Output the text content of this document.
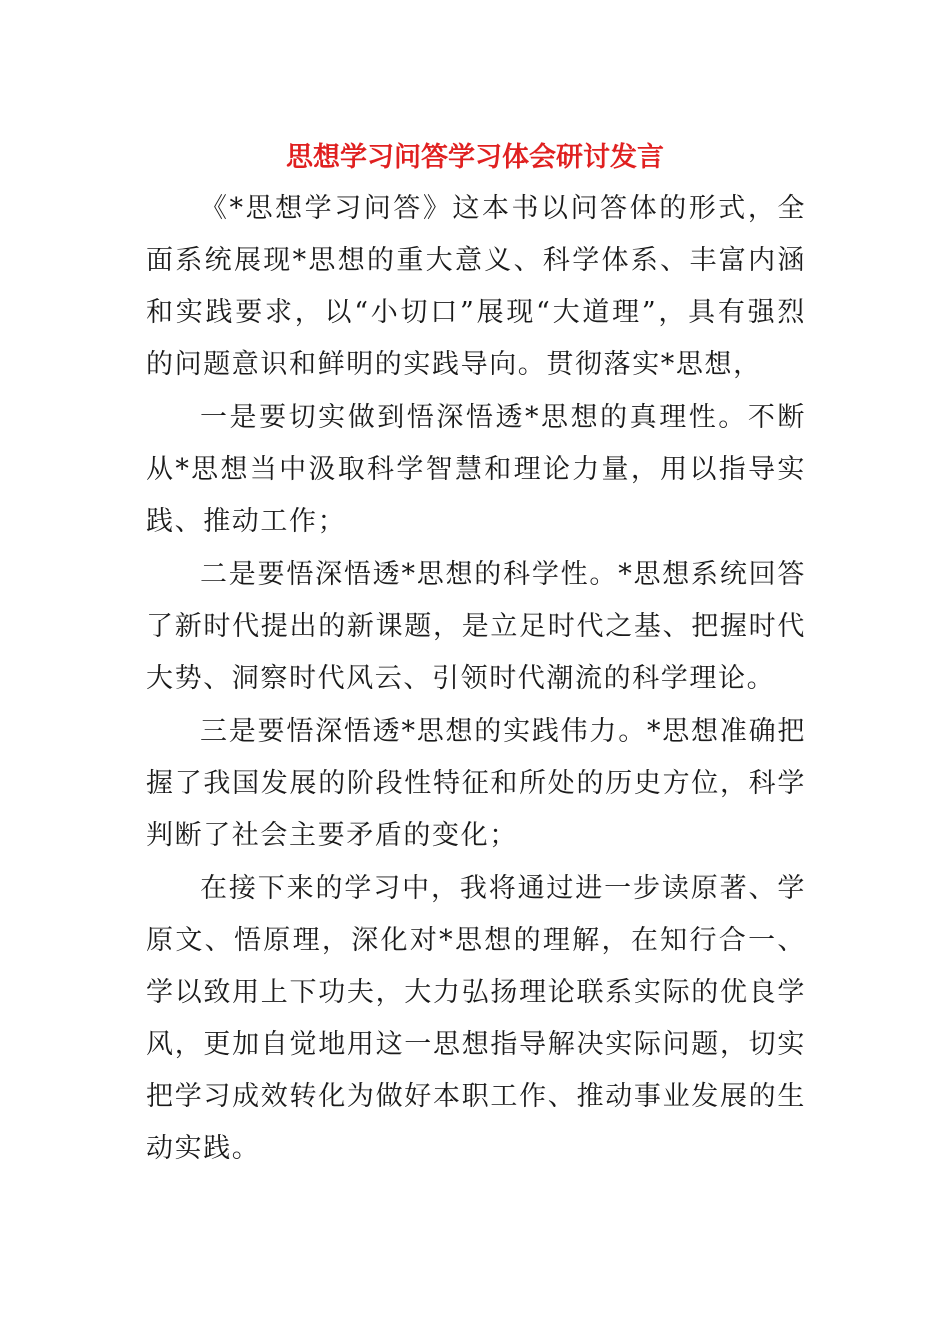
思想学习问答学习体会研讨发言

《*思想学习问答》这本书以问答体的形式，全面系统展现*思想的重大意义、科学体系、丰富内涵和实践要求，以“小切口”展现“大道理”，具有强烈的问题意识和鲜明的实践导向。贯彻落实*思想，

一是要切实做到悟深悟透*思想的真理性。不断从*思想当中汲取科学智慧和理论力量，用以指导实践、推动工作；

二是要悟深悟透*思想的科学性。*思想系统回答了新时代提出的新课题，是立足时代之基、把握时代大势、洞察时代风云、引领时代潮流的科学理论。

三是要悟深悟透*思想的实践伟力。*思想准确把握了我国发展的阶段性特征和所处的历史方位，科学判断了社会主要矛盾的变化；

在接下来的学习中，我将通过进一步读原著、学原文、悟原理，深化对*思想的理解，在知行合一、学以致用上下功夫，大力弘扬理论联系实际的优良学风，更加自觉地用这一思想指导解决实际问题，切实把学习成效转化为做好本职工作、推动事业发展的生动实践。
